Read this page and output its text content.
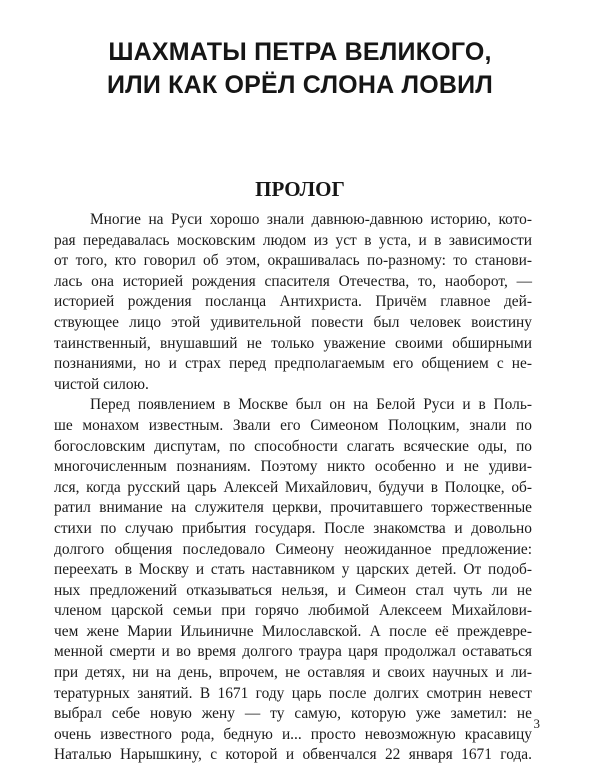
ШАХМАТЫ ПЕТРА ВЕЛИКОГО,
ИЛИ КАК ОРЁЛ СЛОНА ЛОВИЛ
ПРОЛОГ
Многие на Руси хорошо знали давнюю-давнюю историю, кото-
рая передавалась московским людом из уст в уста, и в зависимости
от того, кто говорил об этом, окрашивалась по-разному: то станови-
лась она историей рождения спасителя Отечества, то, наоборот, —
историей рождения посланца Антихриста. Причём главное дей-
ствующее лицо этой удивительной повести был человек воистину
таинственный, внушавший не только уважение своими обширными
познаниями, но и страх перед предполагаемым его общением с не-
чистой силою.
Перед появлением в Москве был он на Белой Руси и в Поль-
ше монахом известным. Звали его Симеоном Полоцким, знали по
богословским диспутам, по способности слагать всяческие оды, по
многочисленным познаниям. Поэтому никто особенно и не удиви-
лся, когда русский царь Алексей Михайлович, будучи в Полоцке, об-
ратил внимание на служителя церкви, прочитавшего торжественные
стихи по случаю прибытия государя. После знакомства и довольно
долгого общения последовало Симеону неожиданное предложение:
переехать в Москву и стать наставником у царских детей. От подоб-
ных предложений отказываться нельзя, и Симеон стал чуть ли не
членом царской семьи при горячо любимой Алексеем Михайлови-
чем жене Марии Ильиничне Милославской. А после её преждевре-
менной смерти и во время долгого траура царя продолжал оставаться
при детях, ни на день, впрочем, не оставляя и своих научных и ли-
тературных занятий. В 1671 году царь после долгих смотрин невест
выбрал себе новую жену — ту самую, которую уже заметил: не
очень известного рода, бедную и... просто невозможную красавицу
Наталью Нарышкину, с которой и обвенчался 22 января 1671 года.
3
